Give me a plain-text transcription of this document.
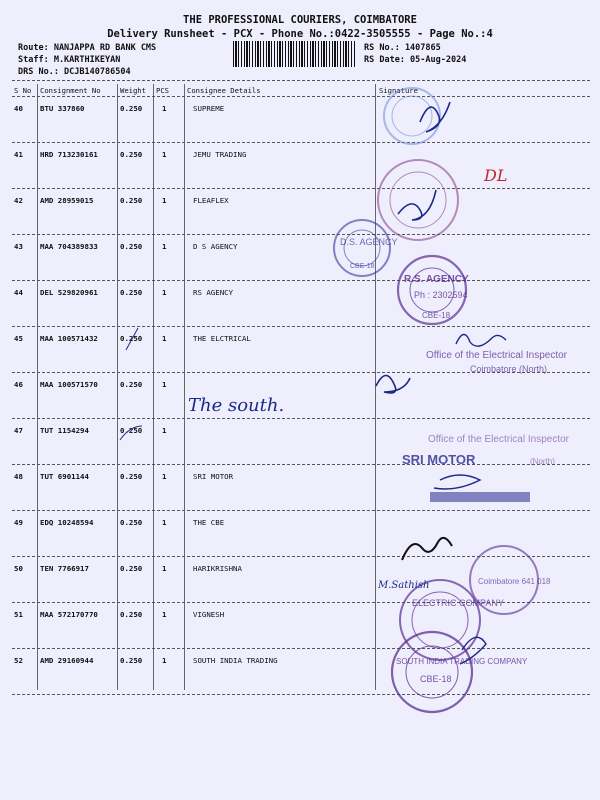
THE PROFESSIONAL COURIERS, COIMBATORE
Delivery Runsheet - PCX - Phone No.:0422-3505555 - Page No.:4
Route: NANJAPPA RD BANK CMS
Staff: M.KARTHIKEYAN
DRS No.: DCJB140786504
RS No.: 1407865
RS Date: 05-Aug-2024
S No Consignment No	Weight PCS	Consignee Details	Signature
40 BTU 337860	0.250	1	SUPREME
41 HRD 713230161	0.250	1	JEMU TRADING
42 AMD 28959015	0.250	1	FLEAFLEX
43 MAA 704389833	0.250	1	D S AGENCY
44 DEL 529820961	0.250	1	RS AGENCY
45 MAA 100571432	0.250	1	THE ELCTRICAL
46 MAA 100571570	0.250	1
47 TUT 1154294	0.250	1
48 TUT 6901144	0.250	1	SRI MOTOR
49 EDQ 10248594	0.250	1	THE CBE
50 TEN 7766917	0.250	1	HARIKRISHNA
51 MAA 572170770	0.250	1	VIGNESH
52 AMD 29160944	0.250	1	SOUTH INDIA TRADING
The south.
DL
D.S. AGENCY
CBE-18
R.S. AGENCY
Ph : 2302594
CBE-18
Office of the Electrical Inspector
Coimbatore (North)
Office of the Electrical Inspector
SRI MOTOR	(North)
ELECTRIC COMPANY
M.Sathish	Coimbatore 641 018
SOUTH INDIA TRADING COMPANY
CBE-18
